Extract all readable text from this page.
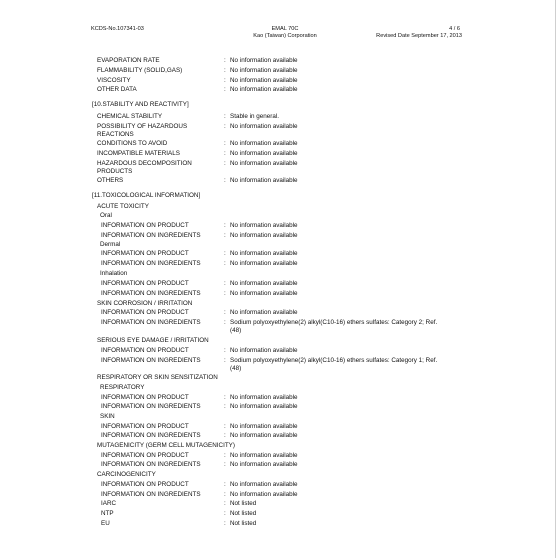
KCDS-No.107341-03	EMAL 70C
Kao (Taiwan) Corporation
4 / 6
Revised Date September 17, 2013
EVAPORATION RATE	: No information available
FLAMMABILITY (SOLID,GAS)	: No information available
VISCOSITY	: No information available
OTHER DATA	: No information available
[10.STABILITY AND REACTIVITY]
CHEMICAL STABILITY	: Stable in general.
POSSIBILITY OF HAZARDOUS REACTIONS
: No information available
CONDITIONS TO AVOID	: No information available
INCOMPATIBLE MATERIALS	: No information available
HAZARDOUS DECOMPOSITION PRODUCTS
: No information available
OTHERS	: No information available
[11.TOXICOLOGICAL INFORMATION]
ACUTE TOXICITY
Oral
INFORMATION ON PRODUCT	: No information available
INFORMATION ON INGREDIENTS	: No information available
Dermal
INFORMATION ON PRODUCT	: No information available
INFORMATION ON INGREDIENTS	: No information available
Inhalation
INFORMATION ON PRODUCT	: No information available
INFORMATION ON INGREDIENTS	: No information available
SKIN CORROSION / IRRITATION
INFORMATION ON PRODUCT	: No information available
INFORMATION ON INGREDIENTS	: Sodium polyoxyethylene(2) alkyl(C10-16) ethers sulfates: Category 2; Ref.(48)
SERIOUS EYE DAMAGE / IRRITATION
INFORMATION ON PRODUCT	: No information available
INFORMATION ON INGREDIENTS	: Sodium polyoxyethylene(2) alkyl(C10-16) ethers sulfates: Category 1; Ref.(48)
RESPIRATORY OR SKIN SENSITIZATION
RESPIRATORY
INFORMATION ON PRODUCT	: No information available
INFORMATION ON INGREDIENTS	: No information available
SKIN
INFORMATION ON PRODUCT	: No information available
INFORMATION ON INGREDIENTS	: No information available
MUTAGENICITY (GERM CELL MUTAGENICITY)
INFORMATION ON PRODUCT	: No information available
INFORMATION ON INGREDIENTS	: No information available
CARCINOGENICITY
INFORMATION ON PRODUCT	: No information available
INFORMATION ON INGREDIENTS	: No information available
IARC	: Not listed
NTP	: Not listed
EU	: Not listed
